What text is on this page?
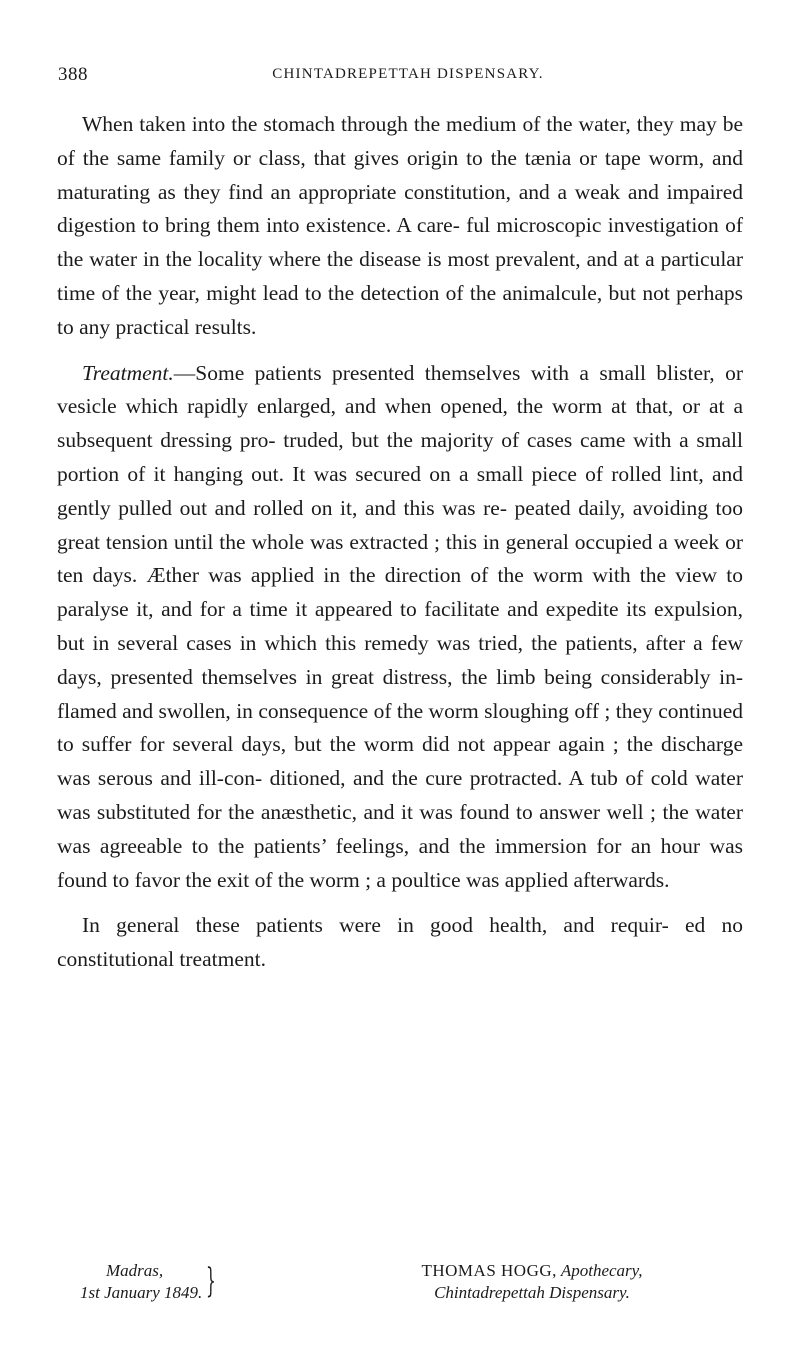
388	CHINTADREPETTAH DISPENSARY.

When taken into the stomach through the medium of the water, they may be of the same family or class, that gives origin to the tænia or tape worm, and maturating as they find an appropriate constitution, and a weak and impaired digestion to bring them into existence. A care- ful microscopic investigation of the water in the locality where the disease is most prevalent, and at a particular time of the year, might lead to the detection of the animalcule, but not perhaps to any practical results.

Treatment.—Some patients presented themselves with a small blister, or vesicle which rapidly enlarged, and when opened, the worm at that, or at a subsequent dressing pro- truded, but the majority of cases came with a small portion of it hanging out. It was secured on a small piece of rolled lint, and gently pulled out and rolled on it, and this was re- peated daily, avoiding too great tension until the whole was extracted ; this in general occupied a week or ten days. Æther was applied in the direction of the worm with the view to paralyse it, and for a time it appeared to facilitate and expedite its expulsion, but in several cases in which this remedy was tried, the patients, after a few days, presented themselves in great distress, the limb being considerably in- flamed and swollen, in consequence of the worm sloughing off ; they continued to suffer for several days, but the worm did not appear again ; the discharge was serous and ill-con- ditioned, and the cure protracted. A tub of cold water was substituted for the anæsthetic, and it was found to answer well ; the water was agreeable to the patients’ feelings, and the immersion for an hour was found to favor the exit of the worm ; a poultice was applied afterwards.

In general these patients were in good health, and requir- ed no constitutional treatment.

Madras,
1st January 1849. }	THOMAS HOGG, Apothecary,
Chintadrepettah Dispensary.
